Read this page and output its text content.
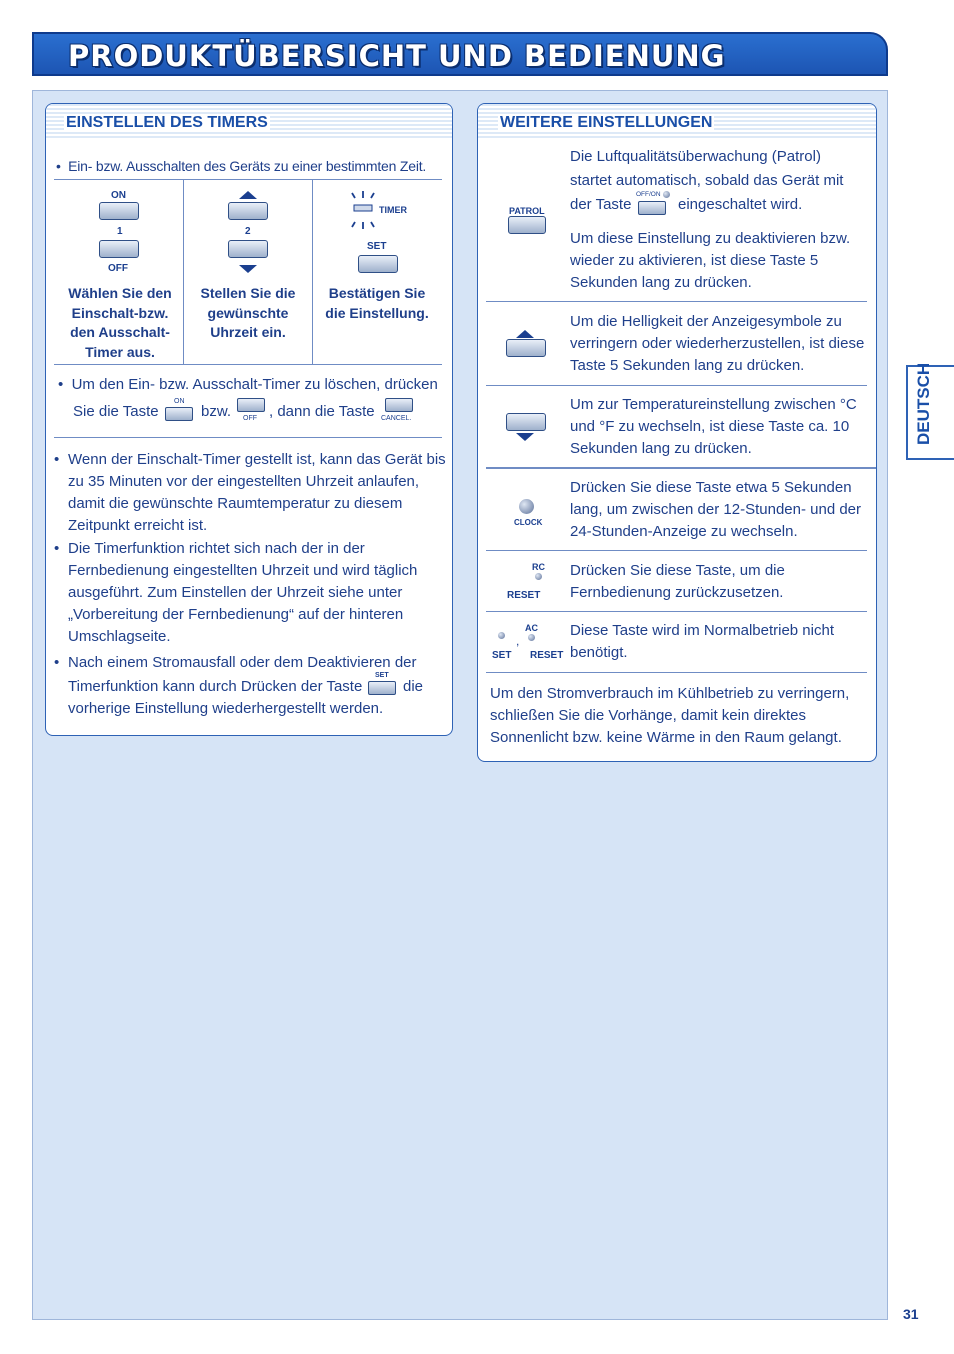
PRODUKTÜBERSICHT UND BEDIENUNG
EINSTELLEN DES TIMERS
•  Ein- bzw. Ausschalten des Geräts zu einer bestimmten Zeit.
ON
1
OFF
Wählen Sie den Einschalt-bzw. den Ausschalt-Timer aus.
2
Stellen Sie die gewünschte Uhrzeit ein.
TIMER
SET
Bestätigen Sie die Einstellung.
•  Um den Ein- bzw. Ausschalt-Timer zu löschen, drücken
Sie die Taste
ON
bzw. OFF , dann die Taste CANCEL.
• Wenn der Einschalt-Timer gestellt ist, kann das Gerät bis zu 35 Minuten vor der eingestellten Uhrzeit anlaufen, damit die gewünschte Raumtemperatur zu diesem Zeitpunkt erreicht ist.
• Die Timerfunktion richtet sich nach der in der Fernbedienung eingestellten Uhrzeit und wird täglich ausgeführt. Zum Einstellen der Uhrzeit siehe unter „Vorbereitung der Fernbedienung“ auf der hinteren Umschlagseite.
• Nach einem Stromausfall oder dem Deaktivieren der
Timerfunktion kann durch Drücken der Taste
SET
die
vorherige Einstellung wiederhergestellt werden.
WEITERE EINSTELLUNGEN
PATROL
Die Luftqualitätsüberwachung (Patrol)
startet automatisch, sobald das Gerät mit
der Taste
OFF/ON
eingeschaltet wird.
Um diese Einstellung zu deaktivieren bzw. wieder zu aktivieren, ist diese Taste 5 Sekunden lang zu drücken.
Um die Helligkeit der Anzeigesymbole zu verringern oder wiederherzustellen, ist diese Taste 5 Sekunden lang zu drücken.
Um zur Temperatureinstellung zwischen °C und °F zu wechseln, ist diese Taste ca. 10 Sekunden lang zu drücken.
CLOCK
Drücken Sie diese Taste etwa 5 Sekunden lang, um zwischen der 12-Stunden- und der 24-Stunden-Anzeige zu wechseln.
RC
RESET
Drücken Sie diese Taste, um die Fernbedienung zurückzusetzen.
SET
,
AC
RESET
Diese Taste wird im Normalbetrieb nicht benötigt.
Um den Stromverbrauch im Kühlbetrieb zu verringern, schließen Sie die Vorhänge, damit kein direktes Sonnenlicht bzw. keine Wärme in den Raum gelangt.
DEUTSCH
31
